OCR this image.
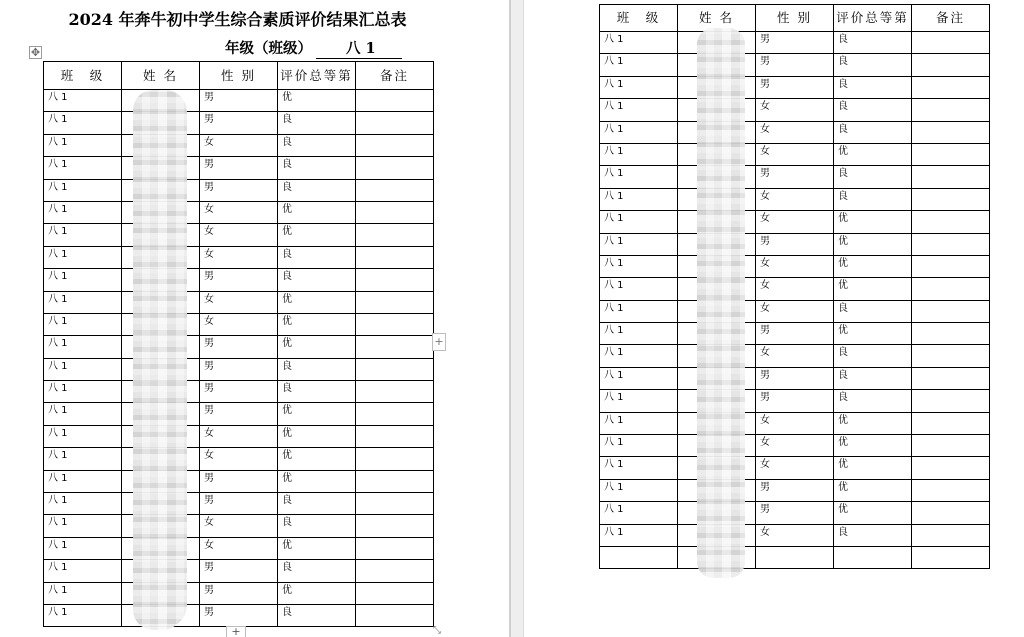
2024 年奔牛初中学生综合素质评价结果汇总表
年级（班级） 八 1
✥
班　级	姓 名	性 别	评价总等第	备注
八 1		男	优	
八 1		男	良	
八 1		女	良	
八 1		男	良	
八 1		男	良	
八 1		女	优	
八 1		女	优	
八 1		女	良	
八 1		男	良	
八 1		女	优	
八 1		女	优	
八 1		男	优	
八 1		男	良	
八 1		男	良	
八 1		男	优	
八 1		女	优	
八 1		女	优	
八 1		男	优	
八 1		男	良	
八 1		女	良	
八 1		女	优	
八 1		男	良	
八 1		男	优	
八 1		男	良	
+
+	⤡
班　级	姓 名	性 别	评价总等第	备注
八 1		男	良	
八 1		男	良	
八 1		男	良	
八 1		女	良	
八 1		女	良	
八 1		女	优	
八 1		男	良	
八 1		女	良	
八 1		女	优	
八 1		男	优	
八 1		女	优	
八 1		女	优	
八 1		女	良	
八 1		男	优	
八 1		女	良	
八 1		男	良	
八 1		男	良	
八 1		女	优	
八 1		女	优	
八 1		女	优	
八 1		男	优	
八 1		男	优	
八 1		女	良	
